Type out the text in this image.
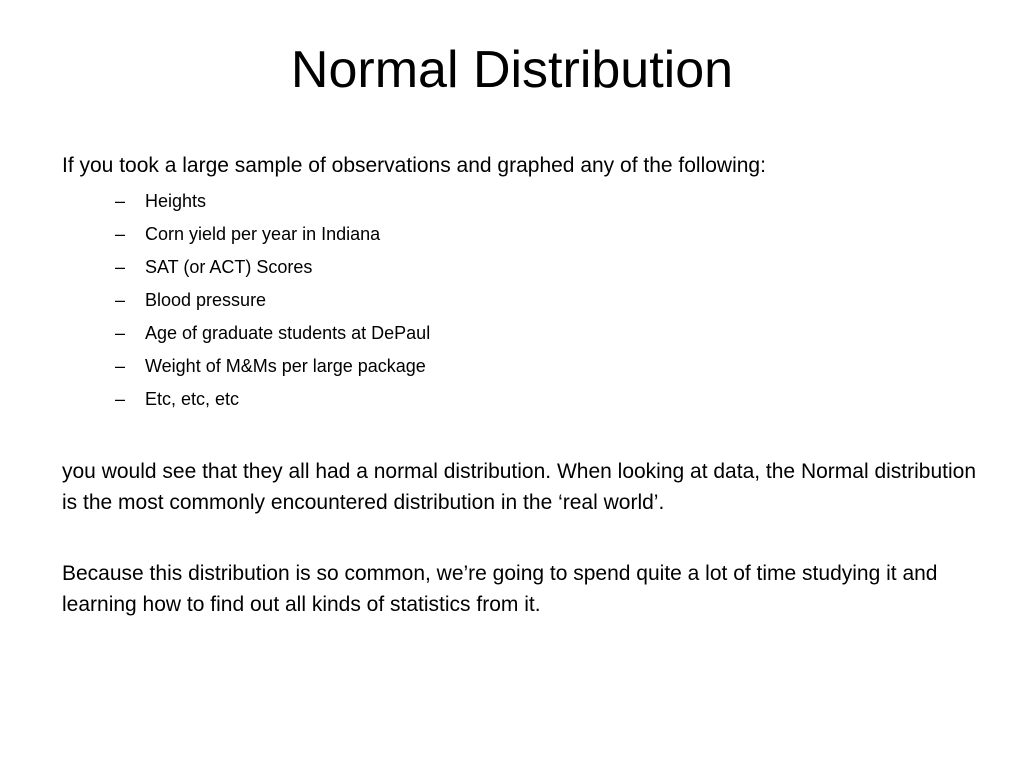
Normal Distribution

If you took a large sample of observations and graphed any of the following:

– Heights
– Corn yield per year in Indiana
– SAT (or ACT) Scores
– Blood pressure
– Age of graduate students at DePaul
– Weight of M&Ms per large package
– Etc, etc, etc

you would see that they all had a normal distribution. When looking at data, the Normal distribution is the most commonly encountered distribution in the ‘real world’.

Because this distribution is so common, we’re going to spend quite a lot of time studying it and learning how to find out all kinds of statistics from it.
